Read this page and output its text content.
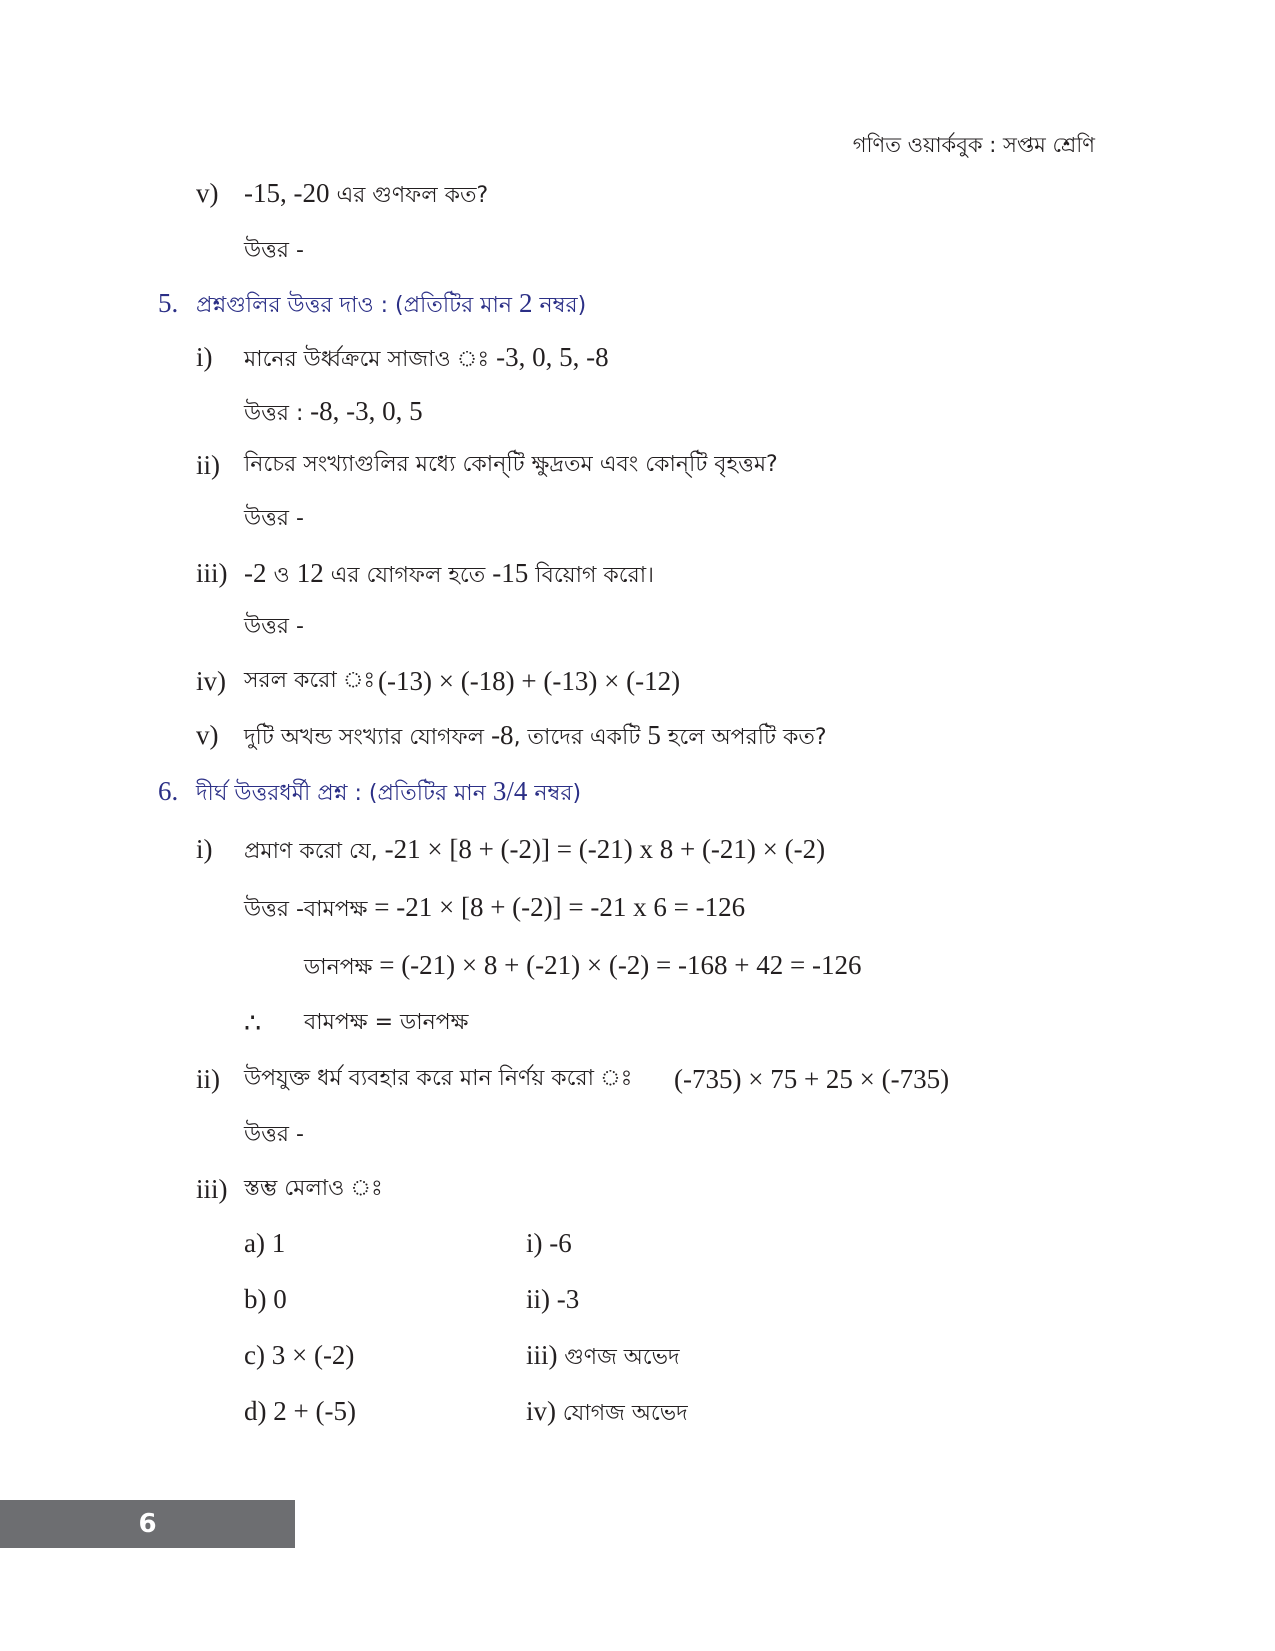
গণিত ওয়ার্কবুক : সপ্তম শ্রেণি
v) -15, -20 এর গুণফল কত?
উত্তর -
5. প্রশ্নগুলির উত্তর দাও : (প্রতিটির মান 2 নম্বর)
i) মানের উর্ধ্বক্রমে সাজাও ঃ -3, 0, 5, -8
উত্তর : -8, -3, 0, 5
ii) নিচের সংখ্যাগুলির মধ্যে কোন্‌টি ক্ষুদ্রতম এবং কোন্‌টি বৃহত্তম?
উত্তর -
iii) -2 ও 12 এর যোগফল হতে -15 বিয়োগ করো।
উত্তর -
iv) সরল করো ঃ (-13) × (-18) + (-13) × (-12)
v) দুটি অখন্ড সংখ্যার যোগফল -8, তাদের একটি 5 হলে অপরটি কত?
6. দীর্ঘ উত্তরধর্মী প্রশ্ন : (প্রতিটির মান 3/4 নম্বর)
i) প্রমাণ করো যে, -21 × [8 + (-2)] = (-21) x 8 + (-21) × (-2)
উত্তর -বামপক্ষ = -21 × [8 + (-2)] = -21 x 6 = -126
ডানপক্ষ = (-21) × 8 + (-21) × (-2) = -168 + 42 = -126
∴ বামপক্ষ = ডানপক্ষ
ii) উপযুক্ত ধর্ম ব্যবহার করে মান নির্ণয় করো ঃ (-735) × 75 + 25 × (-735)
উত্তর -
iii) স্তম্ভ মেলাও ঃ
a) 1
b) 0
c) 3 × (-2)
d) 2 + (-5)
i) -6
ii) -3
iii) গুণজ অভেদ
iv) যোগজ অভেদ
6
